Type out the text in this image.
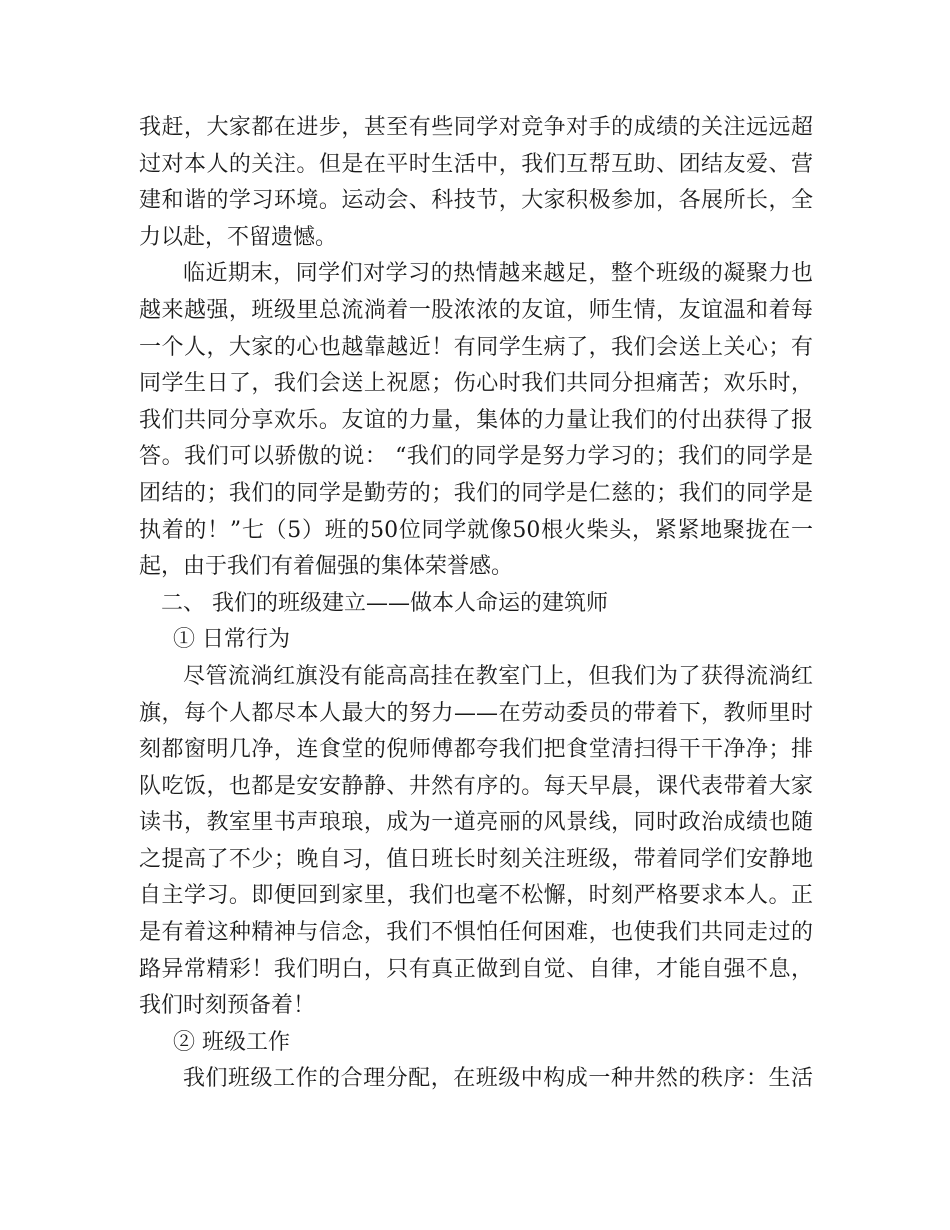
我赶，大家都在进步，甚至有些同学对竞争对手的成绩的关注远远超
过对本人的关注。但是在平时生活中，我们互帮互助、团结友爱、营
建和谐的学习环境。运动会、科技节，大家积极参加，各展所长，全
力以赴，不留遗憾。
临近期末，同学们对学习的热情越来越足，整个班级的凝聚力也
越来越强，班级里总流淌着一股浓浓的友谊，师生情，友谊温和着每
一个人，大家的心也越靠越近！有同学生病了，我们会送上关心；有
同学生日了，我们会送上祝愿；伤心时我们共同分担痛苦；欢乐时，
我们共同分享欢乐。友谊的力量，集体的力量让我们的付出获得了报
答。我们可以骄傲的说： “我们的同学是努力学习的；我们的同学是
团结的；我们的同学是勤劳的；我们的同学是仁慈的；我们的同学是
执着的！”七（5）班的50位同学就像50根火柴头，紧紧地聚拢在一
起，由于我们有着倔强的集体荣誉感。
二、 我们的班级建立——做本人命运的建筑师
① 日常行为
尽管流淌红旗没有能高高挂在教室门上，但我们为了获得流淌红
旗，每个人都尽本人最大的努力——在劳动委员的带着下，教师里时
刻都窗明几净，连食堂的倪师傅都夸我们把食堂清扫得干干净净；排
队吃饭，也都是安安静静、井然有序的。每天早晨，课代表带着大家
读书，教室里书声琅琅，成为一道亮丽的风景线，同时政治成绩也随
之提高了不少；晚自习，值日班长时刻关注班级，带着同学们安静地
自主学习。即便回到家里，我们也毫不松懈，时刻严格要求本人。正
是有着这种精神与信念，我们不惧怕任何困难，也使我们共同走过的
路异常精彩！我们明白，只有真正做到自觉、自律，才能自强不息，
我们时刻预备着！
② 班级工作
我们班级工作的合理分配，在班级中构成一种井然的秩序：生活
